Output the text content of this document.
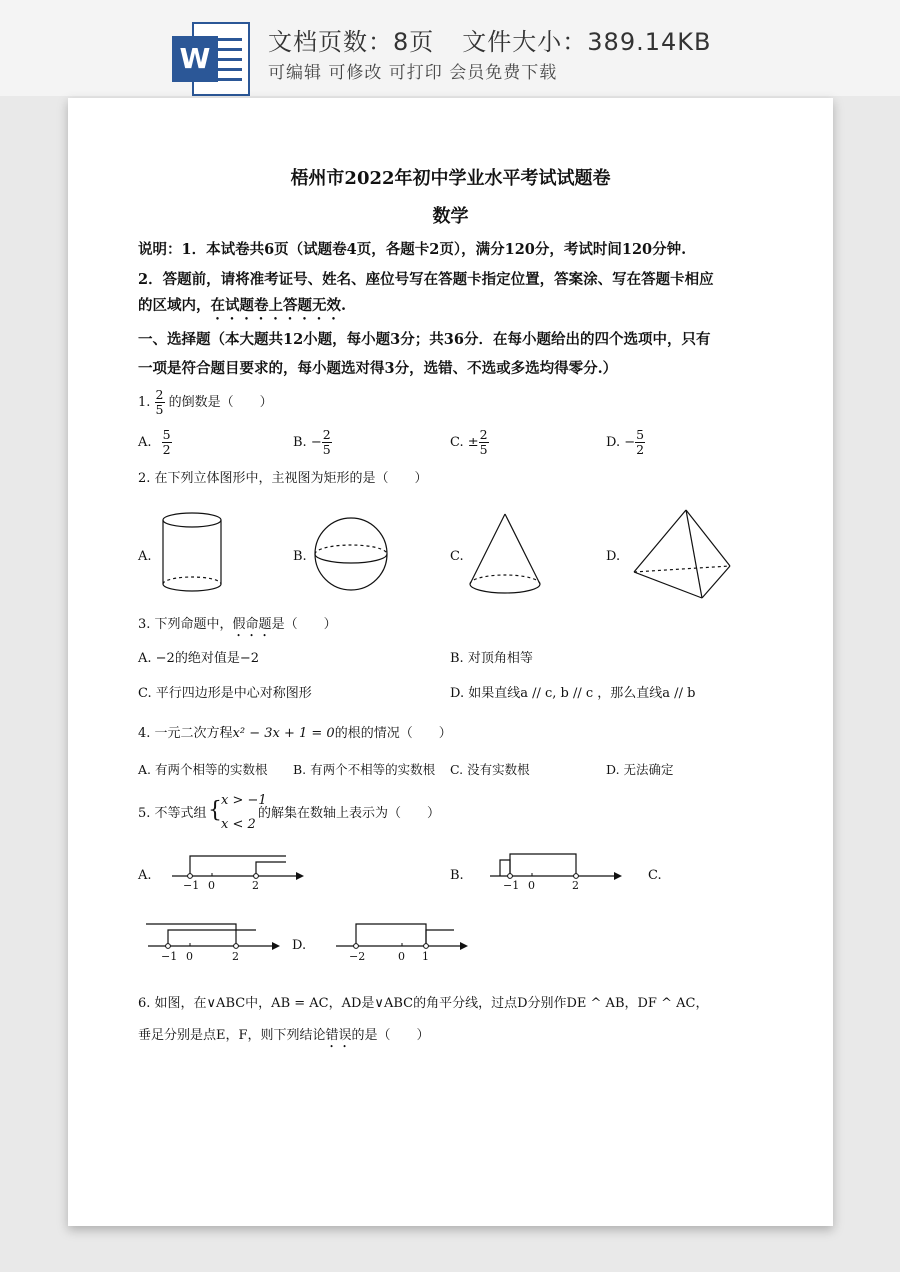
W	文档页数：8页 文件大小：389.14KB
可编辑 可修改 可打印 会员免费下载
梧州市2022年初中学业水平考试试题卷
数学
说明：1．本试卷共6页（试题卷4页，各题卡2页），满分120分，考试时间120分钟.
2．答题前，请将准考证号、姓名、座位号写在答题卡指定位置，答案涂、写在答题卡相应
的区域内，在试题卷上答题无效.
一、选择题（本大题共12小题，每小题3分；共36分．在每小题给出的四个选项中，只有
一项是符合题目要求的，每小题选对得3分，选错、不选或多选均得零分.）
1. $\frac{2}{5}$ 的倒数是（　　）
A. $\frac{5}{2}$	B. − $\frac{2}{5}$	C. ± $\frac{2}{5}$	D. − $\frac{5}{2}$
2. 在下列立体图形中，主视图为矩形的是（　　）
A.	B.	C.	D.
3. 下列命题中，假命题是（　　）
A. −2的绝对值是−2	B. 对顶角相等
C. 平行四边形是中心对称图形	D. 如果直线a // c, b // c ，那么直线a // b
4. 一元二次方程x² − 3x + 1 = 0的根的情况（　　）
A. 有两个相等的实数根 B. 有两个不相等的实数根 C. 没有实数根	D. 无法确定
5. 不等式组 { x > −1
x < 2
的解集在数轴上表示为（　　）
A.	B.	C.
D.
−1 0	2	−1 0	2
−1 0	2	−2	0 1
6. 如图，在∨ABC中，AB = AC，AD是∨ABC的角平分线，过点D分别作DE ^ AB，DF ^ AC，
垂足分别是点E，F，则下列结论错误的是（　　）
